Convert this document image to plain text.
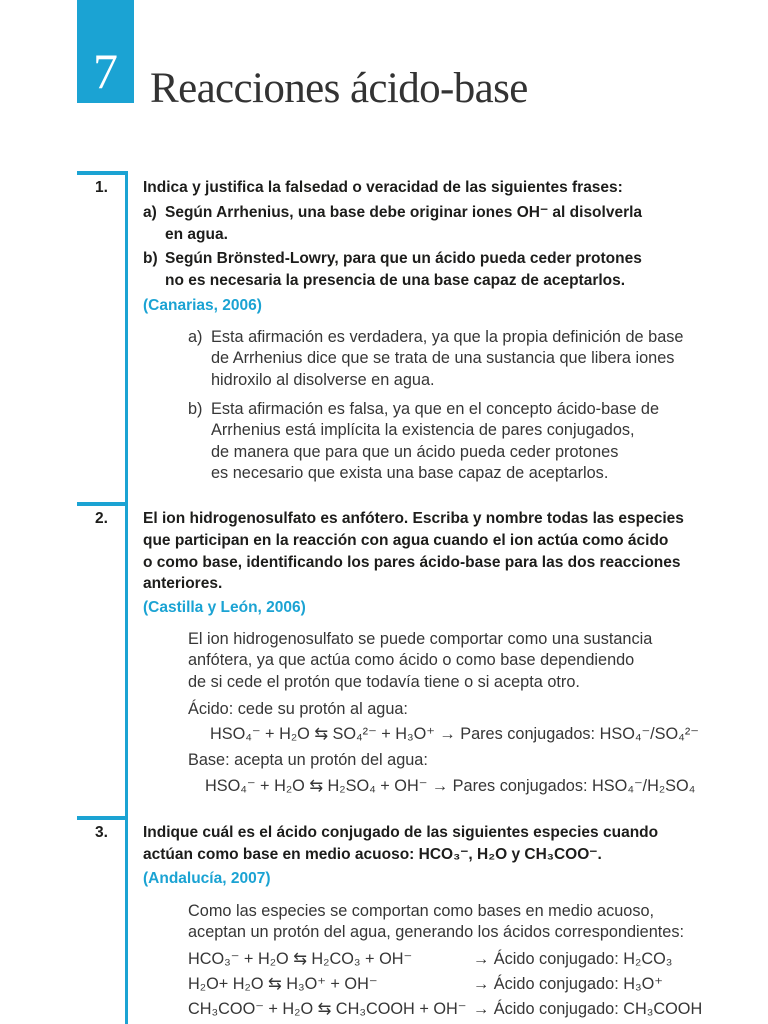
7 Reacciones ácido-base
1. Indica y justifica la falsedad o veracidad de las siguientes frases:
a) Según Arrhenius, una base debe originar iones OH⁻ al disolverla
en agua.
b) Según Brönsted-Lowry, para que un ácido pueda ceder protones
no es necesaria la presencia de una base capaz de aceptarlos.
(Canarias, 2006)
a) Esta afirmación es verdadera, ya que la propia definición de base
de Arrhenius dice que se trata de una sustancia que libera iones
hidroxilo al disolverse en agua.
b) Esta afirmación es falsa, ya que en el concepto ácido-base de
Arrhenius está implícita la existencia de pares conjugados,
de manera que para que un ácido pueda ceder protones
es necesario que exista una base capaz de aceptarlos.
2. El ion hidrogenosulfato es anfótero. Escriba y nombre todas las especies
que participan en la reacción con agua cuando el ion actúa como ácido
o como base, identificando los pares ácido-base para las dos reacciones
anteriores.
(Castilla y León, 2006)
El ion hidrogenosulfato se puede comportar como una sustancia
anfótera, ya que actúa como ácido o como base dependiendo
de si cede el protón que todavía tiene o si acepta otro.
Ácido: cede su protón al agua:
HSO₄⁻ + H₂O ⇆ SO₄²⁻ + H₃O⁺ → Pares conjugados: HSO₄⁻/SO₄²⁻
Base: acepta un protón del agua:
HSO₄⁻ + H₂O ⇆ H₂SO₄ + OH⁻ → Pares conjugados: HSO₄⁻/H₂SO₄
3. Indique cuál es el ácido conjugado de las siguientes especies cuando
actúan como base en medio acuoso: HCO₃⁻, H₂O y CH₃COO⁻.
(Andalucía, 2007)
Como las especies se comportan como bases en medio acuoso,
aceptan un protón del agua, generando los ácidos correspondientes:
HCO₃⁻ + H₂O ⇆ H₂CO₃ + OH⁻	→ Ácido conjugado: H₂CO₃
H₂O+ H₂O ⇆ H₃O⁺ + OH⁻	→ Ácido conjugado: H₃O⁺
CH₃COO⁻ + H₂O ⇆ CH₃COOH + OH⁻ → Ácido conjugado: CH₃COOH
